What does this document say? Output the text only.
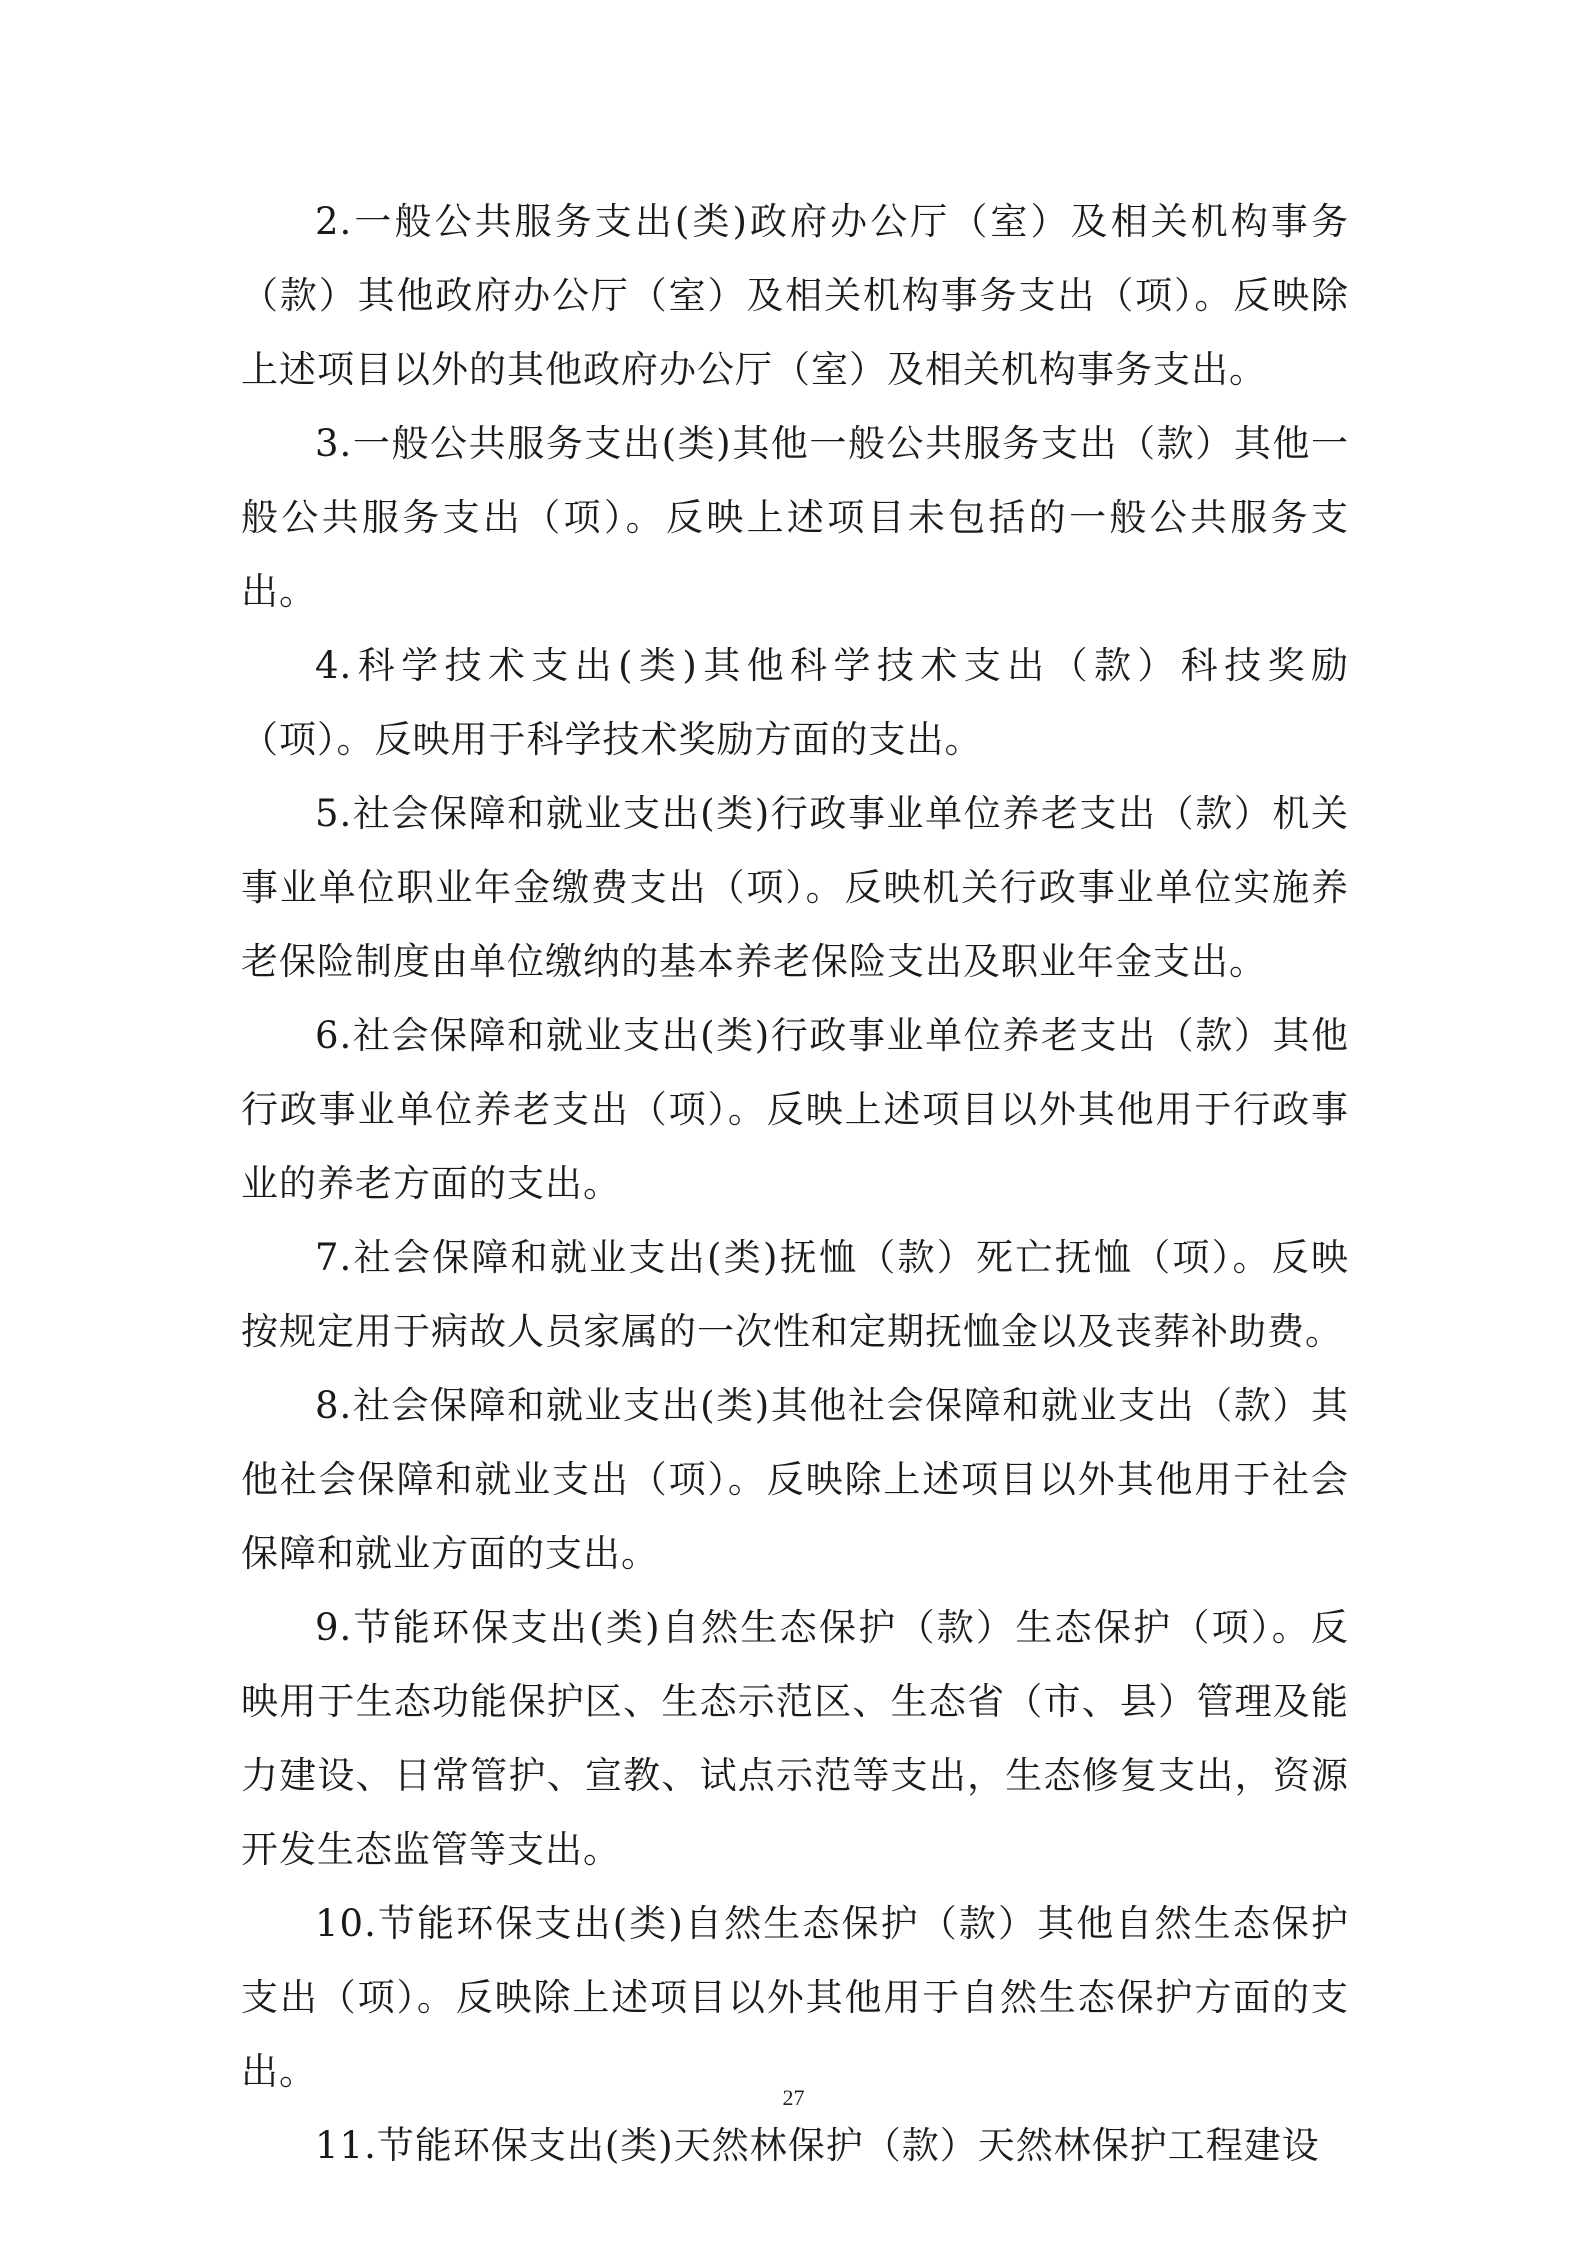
2.一般公共服务支出(类)政府办公厅（室）及相关机构事务（款）其他政府办公厅（室）及相关机构事务支出（项）。反映除上述项目以外的其他政府办公厅（室）及相关机构事务支出。

3.一般公共服务支出(类)其他一般公共服务支出（款）其他一般公共服务支出（项）。反映上述项目未包括的一般公共服务支出。

4.科学技术支出(类)其他科学技术支出（款）科技奖励（项）。反映用于科学技术奖励方面的支出。

5.社会保障和就业支出(类)行政事业单位养老支出（款）机关事业单位职业年金缴费支出（项）。反映机关行政事业单位实施养老保险制度由单位缴纳的基本养老保险支出及职业年金支出。

6.社会保障和就业支出(类)行政事业单位养老支出（款）其他行政事业单位养老支出（项）。反映上述项目以外其他用于行政事业的养老方面的支出。

7.社会保障和就业支出(类)抚恤（款）死亡抚恤（项）。反映按规定用于病故人员家属的一次性和定期抚恤金以及丧葬补助费。

8.社会保障和就业支出(类)其他社会保障和就业支出（款）其他社会保障和就业支出（项）。反映除上述项目以外其他用于社会保障和就业方面的支出。

9.节能环保支出(类)自然生态保护（款）生态保护（项）。反映用于生态功能保护区、生态示范区、生态省（市、县）管理及能力建设、日常管护、宣教、试点示范等支出，生态修复支出，资源开发生态监管等支出。

10.节能环保支出(类)自然生态保护（款）其他自然生态保护支出（项）。反映除上述项目以外其他用于自然生态保护方面的支出。

11.节能环保支出(类)天然林保护（款）天然林保护工程建设

27
